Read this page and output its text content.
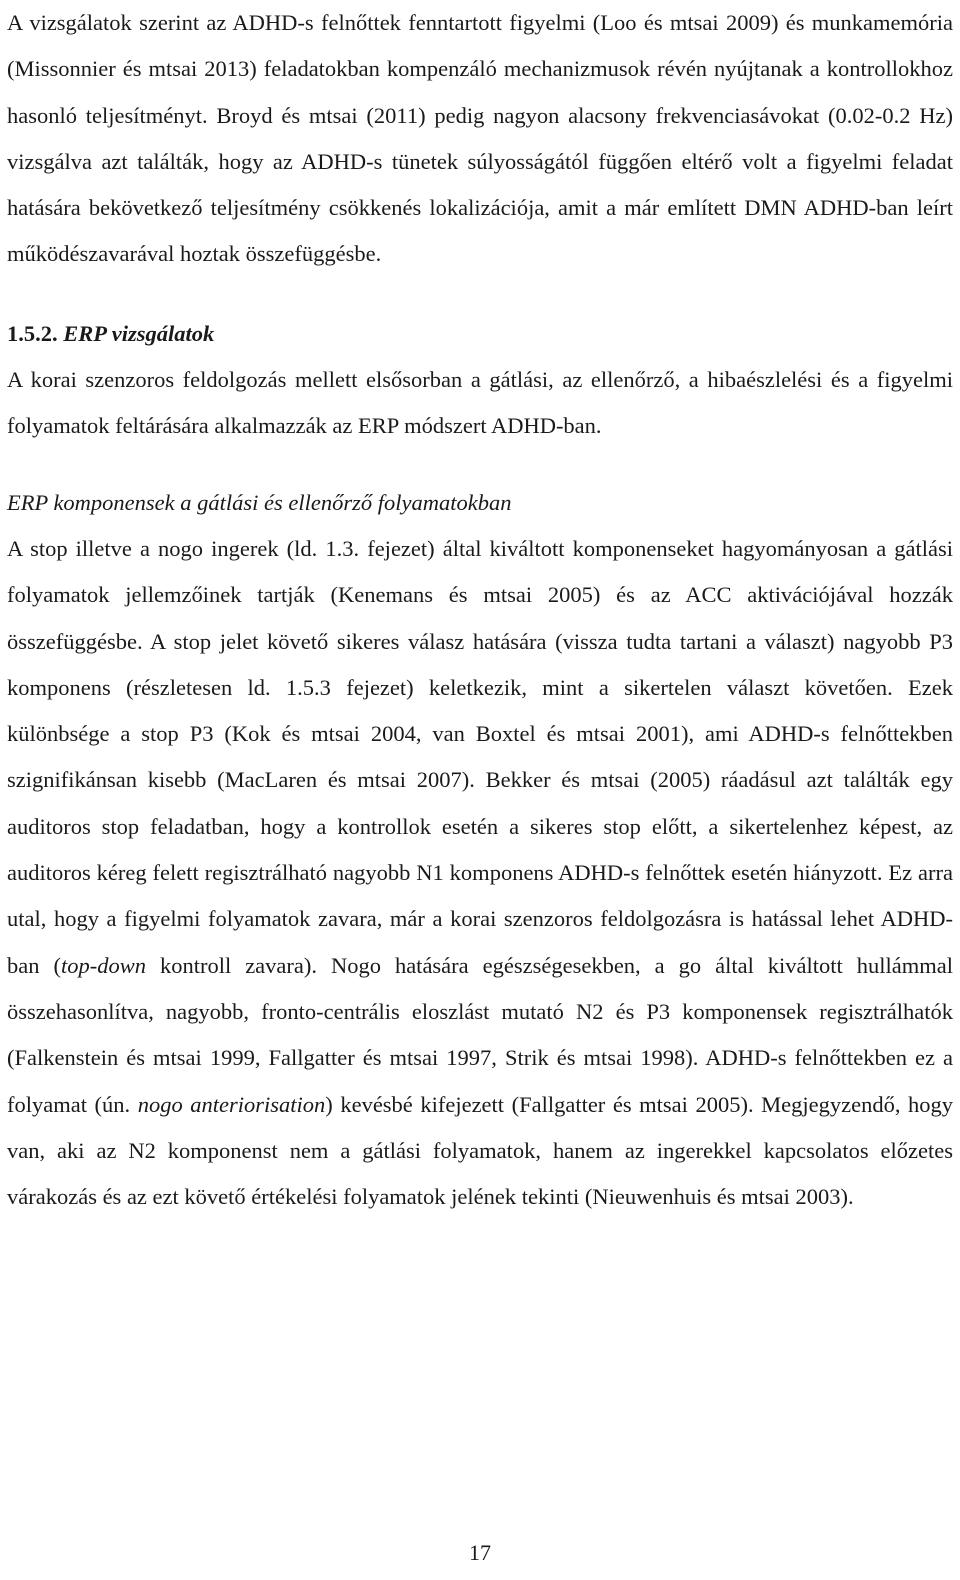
A vizsgálatok szerint az ADHD-s felnőttek fenntartott figyelmi (Loo és mtsai 2009) és munkamemória (Missonnier és mtsai 2013) feladatokban kompenzáló mechanizmusok révén nyújtanak a kontrollokhoz hasonló teljesítményt. Broyd és mtsai (2011) pedig nagyon alacsony frekvenciasávokat (0.02-0.2 Hz) vizsgálva azt találták, hogy az ADHD-s tünetek súlyosságától függően eltérő volt a figyelmi feladat hatására bekövetkező teljesítmény csökkenés lokalizációja, amit a már említett DMN ADHD-ban leírt működészavarával hoztak összefüggésbe.

1.5.2. ERP vizsgálatok

A korai szenzoros feldolgozás mellett elsősorban a gátlási, az ellenőrző, a hibaészlelési és a figyelmi folyamatok feltárására alkalmazzák az ERP módszert ADHD-ban.

ERP komponensek a gátlási és ellenőrző folyamatokban

A stop illetve a nogo ingerek (ld. 1.3. fejezet) által kiváltott komponenseket hagyományosan a gátlási folyamatok jellemzőinek tartják (Kenemans és mtsai 2005) és az ACC aktivációjával hozzák összefüggésbe. A stop jelet követő sikeres válasz hatására (vissza tudta tartani a választ) nagyobb P3 komponens (részletesen ld. 1.5.3 fejezet) keletkezik, mint a sikertelen választ követően. Ezek különbsége a stop P3 (Kok és mtsai 2004, van Boxtel és mtsai 2001), ami ADHD-s felnőttekben szignifikánsan kisebb (MacLaren és mtsai 2007). Bekker és mtsai (2005) ráadásul azt találták egy auditoros stop feladatban, hogy a kontrollok esetén a sikeres stop előtt, a sikertelenhez képest, az auditoros kéreg felett regisztrálható nagyobb N1 komponens ADHD-s felnőttek esetén hiányzott. Ez arra utal, hogy a figyelmi folyamatok zavara, már a korai szenzoros feldolgozásra is hatással lehet ADHD-ban (top-down kontroll zavara). Nogo hatására egészségesekben, a go által kiváltott hullámmal összehasonlítva, nagyobb, fronto-centrális eloszlást mutató N2 és P3 komponensek regisztrálhatók (Falkenstein és mtsai 1999, Fallgatter és mtsai 1997, Strik és mtsai 1998). ADHD-s felnőttekben ez a folyamat (ún. nogo anteriorisation) kevésbé kifejezett (Fallgatter és mtsai 2005). Megjegyzendő, hogy van, aki az N2 komponenst nem a gátlási folyamatok, hanem az ingerekkel kapcsolatos előzetes várakozás és az ezt követő értékelési folyamatok jelének tekinti (Nieuwenhuis és mtsai 2003).

17
